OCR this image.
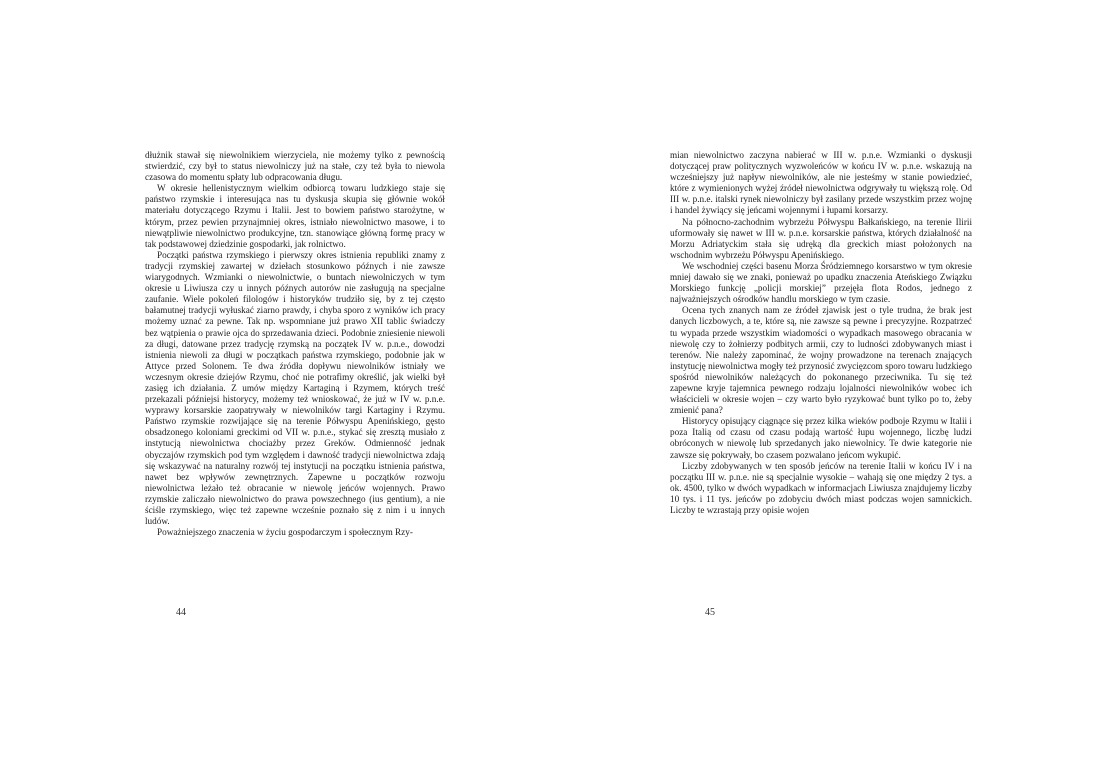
dłużnik stawał się niewolnikiem wierzyciela, nie możemy tylko z pewnością stwierdzić, czy był to status niewolniczy już na stałe, czy też była to niewola czasowa do momentu spłaty lub odpracowania długu.

W okresie hellenistycznym wielkim odbiorcą towaru ludzkiego staje się państwo rzymskie i interesująca nas tu dyskusja skupia się głównie wokół materiału dotyczącego Rzymu i Italii. Jest to bowiem państwo starożytne, w którym, przez pewien przynajmniej okres, istniało niewolnictwo masowe, i to niewątpliwie niewolnictwo produkcyjne, tzn. stanowiące główną formę pracy w tak podstawowej dziedzinie gospodarki, jak rolnictwo.

Początki państwa rzymskiego i pierwszy okres istnienia republiki znamy z tradycji rzymskiej zawartej w dziełach stosunkowo późnych i nie zawsze wiarygodnych. Wzmianki o niewolnictwie, o buntach niewolniczych w tym okresie u Liwiusza czy u innych późnych autorów nie zasługują na specjalne zaufanie. Wiele pokoleń filologów i historyków trudziło się, by z tej często bałamutnej tradycji wyłuskać ziarno prawdy, i chyba sporo z wyników ich pracy możemy uznać za pewne. Tak np. wspomniane już prawo XII tablic świadczy bez wątpienia o prawie ojca do sprzedawania dzieci. Podobnie zniesienie niewoli za długi, datowane przez tradycję rzymską na początek IV w. p.n.e., dowodzi istnienia niewoli za długi w początkach państwa rzymskiego, podobnie jak w Attyce przed Solonem. Te dwa źródła dopływu niewolników istniały we wczesnym okresie dziejów Rzymu, choć nie potrafimy określić, jak wielki był zasięg ich działania. Z umów między Kartaginą i Rzymem, których treść przekazali późniejsi historycy, możemy też wnioskować, że już w IV w. p.n.e. wyprawy korsarskie zaopatrywały w niewolników targi Kartaginy i Rzymu. Państwo rzymskie rozwijające się na terenie Półwyspu Apenińskiego, gęsto obsadzonego koloniami greckimi od VII w. p.n.e., stykać się zresztą musiało z instytucją niewolnictwa chociażby przez Greków. Odmienność jednak obyczajów rzymskich pod tym względem i dawność tradycji niewolnictwa zdają się wskazywać na naturalny rozwój tej instytucji na początku istnienia państwa, nawet bez wpływów zewnętrznych. Zapewne u początków rozwoju niewolnictwa leżało też obracanie w niewolę jeńców wojennych. Prawo rzymskie zaliczało niewolnictwo do prawa powszechnego (ius gentium), a nie ściśle rzymskiego, więc też zapewne wcześnie poznało się z nim i u innych ludów.

Poważniejszego znaczenia w życiu gospodarczym i społecznym Rzy-

44

mian niewolnictwo zaczyna nabierać w III w. p.n.e. Wzmianki o dyskusji dotyczącej praw politycznych wyzwoleńców w końcu IV w. p.n.e. wskazują na wcześniejszy już napływ niewolników, ale nie jesteśmy w stanie powiedzieć, które z wymienionych wyżej źródeł niewolnictwa odgrywały tu większą rolę. Od III w. p.n.e. italski rynek niewolniczy był zasilany przede wszystkim przez wojnę i handel żywiący się jeńcami wojennymi i łupami korsarzy.

Na północno-zachodnim wybrzeżu Półwyspu Bałkańskiego, na terenie Ilirii uformowały się nawet w III w. p.n.e. korsarskie państwa, których działalność na Morzu Adriatyckim stała się udręką dla greckich miast położonych na wschodnim wybrzeżu Półwyspu Apenińskiego.

We wschodniej części basenu Morza Śródziemnego korsarstwo w tym okresie mniej dawało się we znaki, ponieważ po upadku znaczenia Ateńskiego Związku Morskiego funkcję „policji morskiej” przejęła flota Rodos, jednego z najważniejszych ośrodków handlu morskiego w tym czasie.

Ocena tych znanych nam ze źródeł zjawisk jest o tyle trudna, że brak jest danych liczbowych, a te, które są, nie zawsze są pewne i precyzyjne. Rozpatrzeć tu wypada przede wszystkim wiadomości o wypadkach masowego obracania w niewolę czy to żołnierzy podbitych armii, czy to ludności zdobywanych miast i terenów. Nie należy zapominać, że wojny prowadzone na terenach znających instytucję niewolnictwa mogły też przynosić zwycięzcom sporo towaru ludzkiego spośród niewolników należących do pokonanego przeciwnika. Tu się też zapewne kryje tajemnica pewnego rodzaju lojalności niewolników wobec ich właścicieli w okresie wojen – czy warto było ryzykować bunt tylko po to, żeby zmienić pana?

Historycy opisujący ciągnące się przez kilka wieków podboje Rzymu w Italii i poza Italią od czasu od czasu podają wartość łupu wojennego, liczbę ludzi obróconych w niewolę lub sprzedanych jako niewolnicy. Te dwie kategorie nie zawsze się pokrywały, bo czasem pozwalano jeńcom wykupić.

Liczby zdobywanych w ten sposób jeńców na terenie Italii w końcu IV i na początku III w. p.n.e. nie są specjalnie wysokie – wahają się one między 2 tys. a ok. 4500, tylko w dwóch wypadkach w informacjach Liwiusza znajdujemy liczby 10 tys. i 11 tys. jeńców po zdobyciu dwóch miast podczas wojen samnickich. Liczby te wzrastają przy opisie wojen

45
